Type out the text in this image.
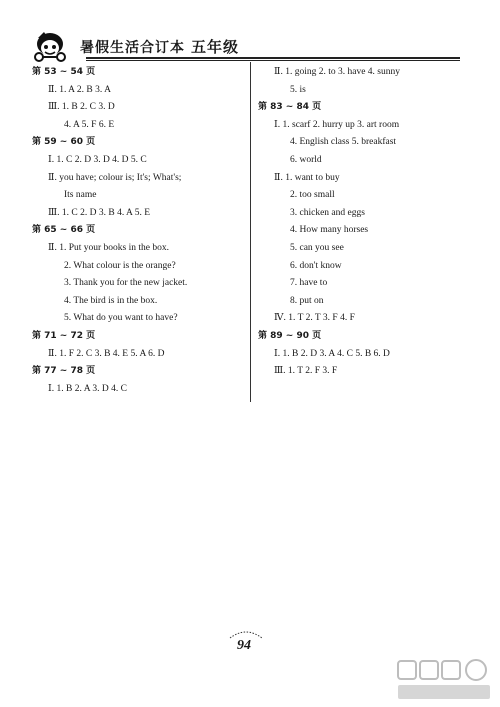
暑假生活合订本 五年级
第 53 ~ 54 页
Ⅱ. 1. A 2. B 3. A
Ⅲ. 1. B 2. C 3. D
4. A 5. F 6. E
第 59 ~ 60 页
Ⅰ. 1. C 2. D 3. D 4. D 5. C
Ⅱ. you have; colour is; It's; What's;
Its name
Ⅲ. 1. C 2. D 3. B 4. A 5. E
第 65 ~ 66 页
Ⅱ. 1. Put your books in the box.
2. What colour is the orange?
3. Thank you for the new jacket.
4. The bird is in the box.
5. What do you want to have?
第 71 ~ 72 页
Ⅱ. 1. F 2. C 3. B 4. E 5. A 6. D
第 77 ~ 78 页
Ⅰ. 1. B 2. A 3. D 4. C
Ⅱ. 1. going 2. to 3. have 4. sunny
5. is
第 83 ~ 84 页
Ⅰ. 1. scarf 2. hurry up 3. art room
4. English class 5. breakfast
6. world
Ⅱ. 1. want to buy
2. too small
3. chicken and eggs
4. How many horses
5. can you see
6. don't know
7. have to
8. put on
Ⅳ. 1. T 2. T 3. F 4. F
第 89 ~ 90 页
Ⅰ. 1. B 2. D 3. A 4. C 5. B 6. D
Ⅲ. 1. T 2. F 3. F
94
